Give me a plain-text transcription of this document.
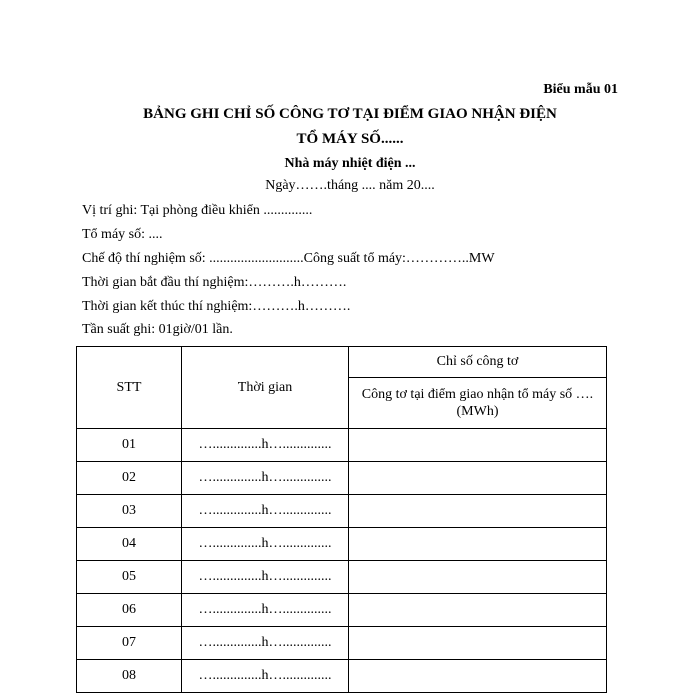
Biểu mẫu 01
BẢNG GHI CHỈ SỐ CÔNG TƠ TẠI ĐIỂM GIAO NHẬN ĐIỆN
TỔ MÁY SỐ......
Nhà máy nhiệt điện ...
Ngày…….tháng .... năm 20....
Vị trí ghi: Tại phòng điều khiển ..............
Tổ máy số: ....
Chế độ thí nghiệm số: ...........................Công suất tổ máy:…………..MW
Thời gian bắt đầu thí nghiệm:……….h……….
Thời gian kết thúc thí nghiệm:……….h……….
Tần suất ghi: 01giờ/01 lần.
STT	Thời gian	Chỉ số công tơ
		Công tơ tại điểm giao nhận tổ máy số …. (MWh)
01	…..............h…..............	
02	…..............h…..............	
03	…..............h…..............	
04	…..............h…..............	
05	…..............h…..............	
06	…..............h…..............	
07	…..............h…..............	
08	…..............h…..............	
